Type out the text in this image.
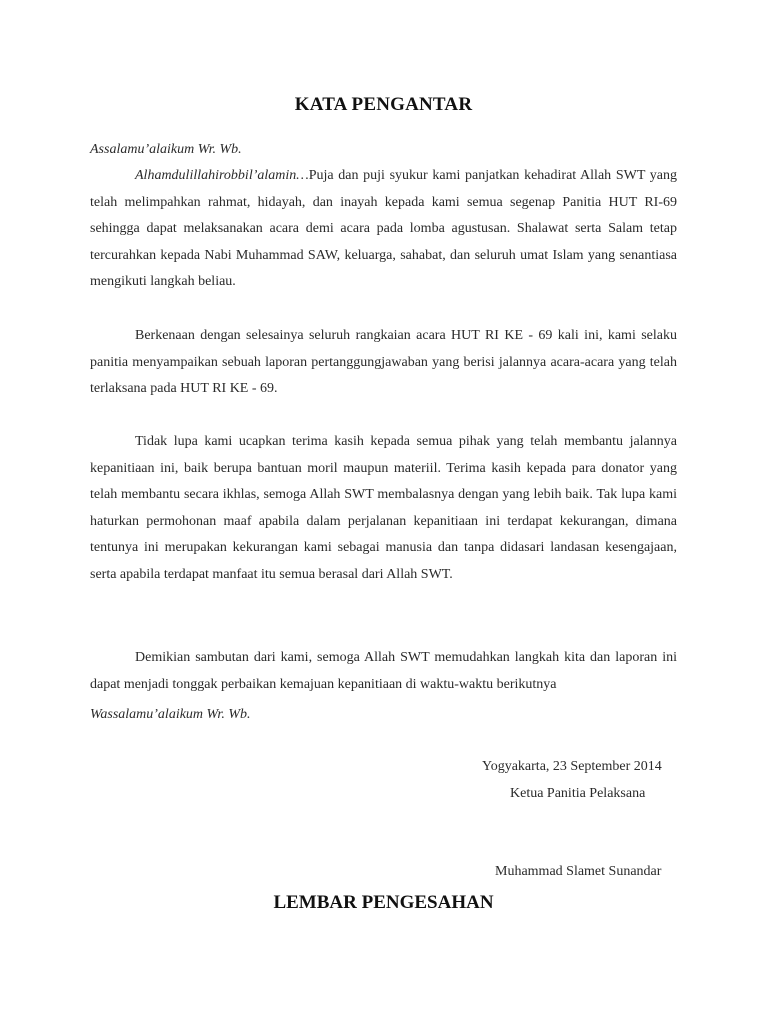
KATA PENGANTAR
Assalamu’alaikum Wr. Wb.
Alhamdulillahirobbil’alamin…Puja dan puji syukur kami panjatkan kehadirat Allah SWT yang telah melimpahkan rahmat, hidayah, dan inayah kepada kami semua segenap Panitia HUT RI-69 sehingga dapat melaksanakan acara demi acara pada lomba agustusan. Shalawat serta Salam tetap tercurahkan kepada Nabi Muhammad SAW, keluarga, sahabat, dan seluruh umat Islam yang senantiasa mengikuti langkah beliau.
Berkenaan dengan selesainya seluruh rangkaian acara HUT RI KE - 69 kali ini, kami selaku panitia menyampaikan sebuah laporan pertanggungjawaban yang berisi jalannya acara-acara yang telah terlaksana pada HUT RI KE - 69.
Tidak lupa kami ucapkan terima kasih kepada semua pihak yang telah membantu jalannya kepanitiaan ini, baik berupa bantuan moril maupun materiil. Terima kasih kepada para donator yang telah membantu secara ikhlas, semoga Allah SWT membalasnya dengan yang lebih baik. Tak lupa kami haturkan permohonan maaf apabila dalam perjalanan kepanitiaan ini terdapat kekurangan, dimana tentunya ini merupakan kekurangan kami sebagai manusia dan tanpa didasari landasan kesengajaan, serta apabila terdapat manfaat itu semua berasal dari Allah SWT.
Demikian sambutan dari kami, semoga Allah SWT memudahkan langkah kita dan laporan ini dapat menjadi tonggak perbaikan kemajuan kepanitiaan di waktu-waktu berikutnya
Wassalamu’alaikum Wr. Wb.
Yogyakarta, 23 September 2014
Ketua Panitia Pelaksana
Muhammad Slamet Sunandar
LEMBAR PENGESAHAN
